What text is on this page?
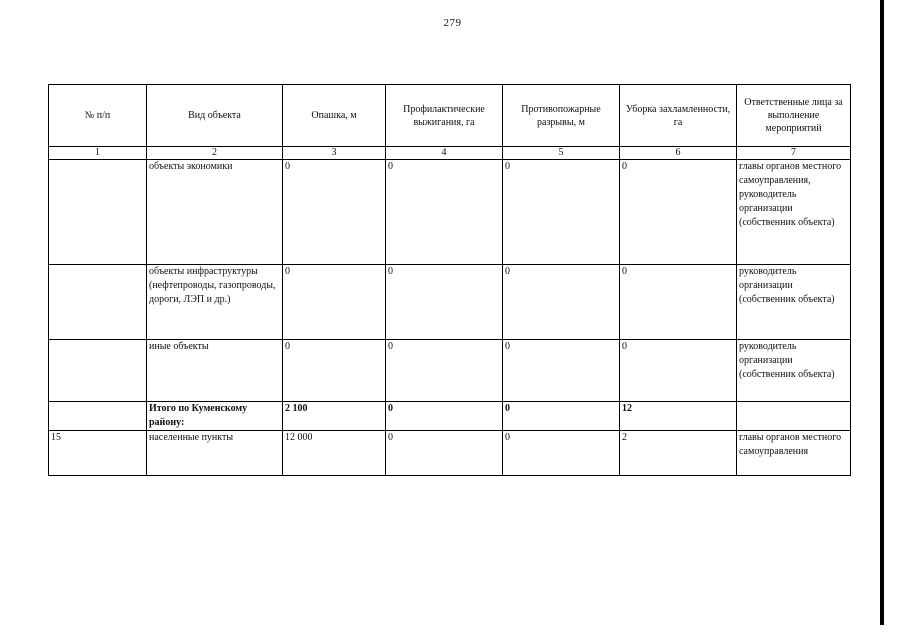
279
№ п/п	Вид объекта	Опашка, м	Профилактические выжигания, га	Противопожарные разрывы, м	Уборка захламленности, га	Ответственные лица за выполнение мероприятий
1	2	3	4	5	6	7
	объекты экономики	0	0	0	0	главы органов местного самоуправления, руководитель организации (собственник объекта)
	объекты инфраструктуры (нефтепроводы, газопроводы, дороги, ЛЭП и др.)	0	0	0	0	руководитель организации (собственник объекта)
	иные объекты	0	0	0	0	руководитель организации (собственник объекта)
	Итого по Куменскому району:	2 100	0	0	12	
15	населенные пункты	12 000	0	0	2	главы органов местного самоуправления
